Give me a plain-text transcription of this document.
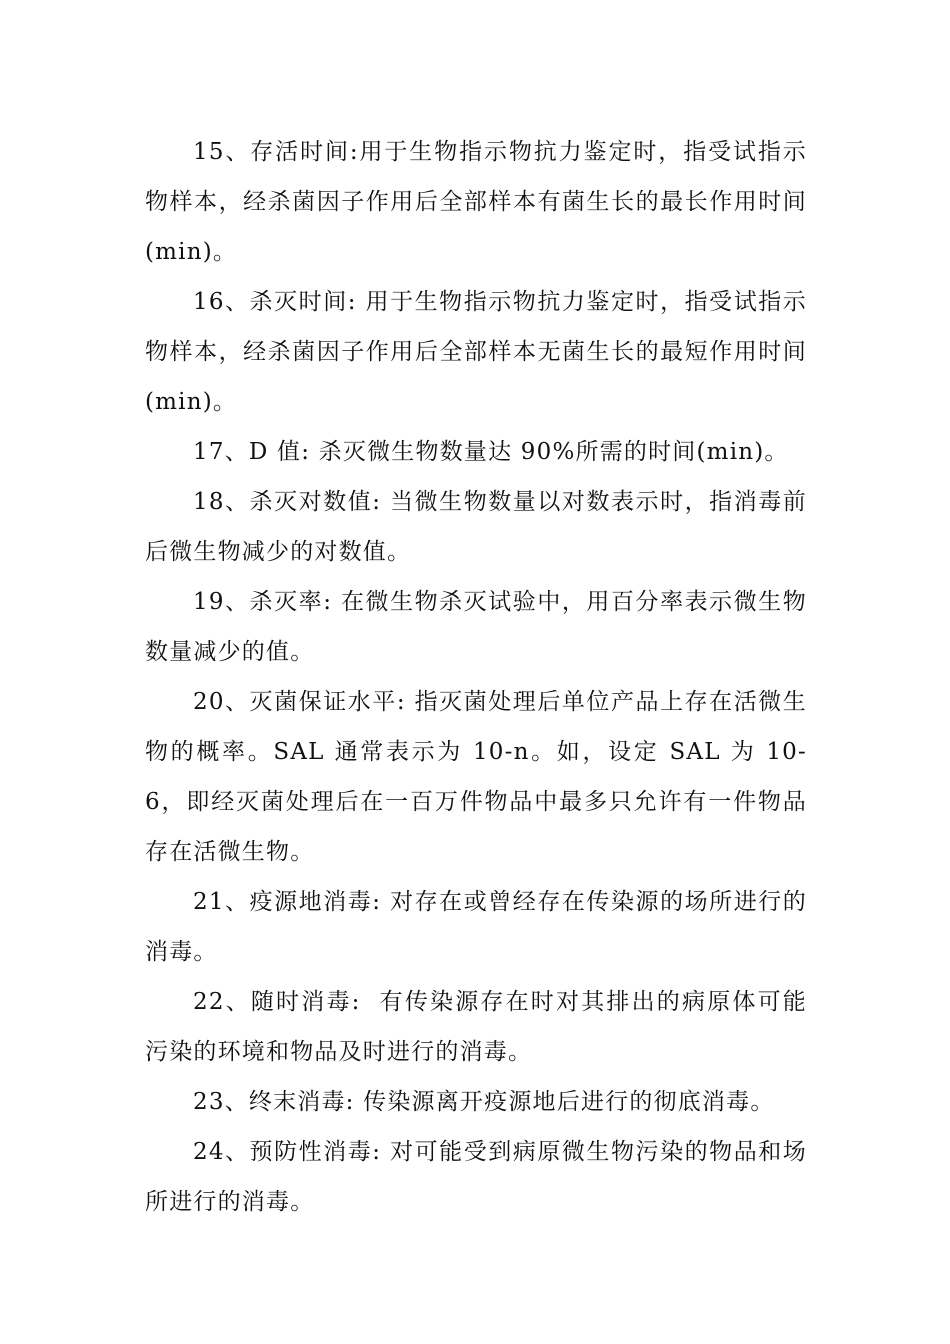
15、存活时间:用于生物指示物抗力鉴定时，指受试指示物样本，经杀菌因子作用后全部样本有菌生长的最长作用时间(min)。

16、杀灭时间: 用于生物指示物抗力鉴定时，指受试指示物样本，经杀菌因子作用后全部样本无菌生长的最短作用时间(min)。

17、D 值: 杀灭微生物数量达 90%所需的时间(min)。

18、杀灭对数值: 当微生物数量以对数表示时，指消毒前后微生物减少的对数值。

19、杀灭率: 在微生物杀灭试验中，用百分率表示微生物数量减少的值。

20、灭菌保证水平: 指灭菌处理后单位产品上存在活微生物的概率。SAL 通常表示为 10-n。如，设定 SAL 为 10-6，即经灭菌处理后在一百万件物品中最多只允许有一件物品存在活微生物。

21、疫源地消毒: 对存在或曾经存在传染源的场所进行的消毒。

22、随时消毒:  有传染源存在时对其排出的病原体可能污染的环境和物品及时进行的消毒。

23、终末消毒: 传染源离开疫源地后进行的彻底消毒。

24、预防性消毒: 对可能受到病原微生物污染的物品和场所进行的消毒。
